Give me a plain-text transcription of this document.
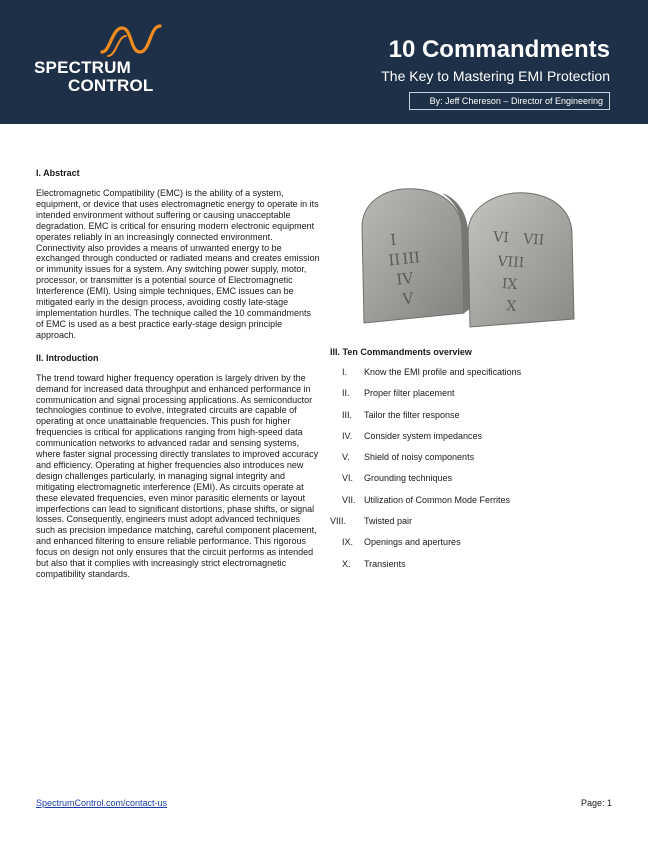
SPECTRUM
CONTROL
10 Commandments
The Key to Mastering EMI Protection
By: Jeff Chereson – Director of Engineering
I. Abstract

Electromagnetic Compatibility (EMC) is the ability of a system, equipment, or device that uses electromagnetic energy to operate in its intended environment without suffering or causing unacceptable degradation. EMC is critical for ensuring modern electronic equipment operates reliably in an increasingly connected environment. Connectivity also provides a means of unwanted energy to be exchanged through conducted or radiated means and creates emission or immunity issues for a system. Any switching power supply, motor, processor, or transmitter is a potential source of Electromagnetic Interference (EMI). Using simple techniques, EMC issues can be mitigated early in the design process, avoiding costly late-stage implementation hurdles. The technique called the 10 commandments of EMC is used as a best practice early-stage design principle approach.

II. Introduction

The trend toward higher frequency operation is largely driven by the demand for increased data throughput and enhanced performance in communication and signal processing applications. As semiconductor technologies continue to evolve, integrated circuits are capable of operating at once unattainable frequencies. This push for higher frequencies is critical for applications ranging from high-speed data communication networks to advanced radar and sensing systems, where faster signal processing directly translates to improved accuracy and efficiency. Operating at higher frequencies also introduces new design challenges particularly, in managing signal integrity and mitigating electromagnetic interference (EMI). As circuits operate at these elevated frequencies, even minor parasitic elements or layout imperfections can lead to significant distortions, phase shifts, or signal losses. Consequently, engineers must adopt advanced techniques such as precision impedance matching, careful component placement, and enhanced filtering to ensure reliable performance. This rigorous focus on design not only ensures that the circuit performs as intended but also that it complies with increasingly strict electromagnetic compatibility standards.

I
II III
IV
V
VI VII
VIII
IX
X
III. Ten Commandments overview
I.	Know the EMI profile and specifications
II.	Proper filter placement
III.	Tailor the filter response
IV.	Consider system impedances
V.	Shield of noisy components
VI.	Grounding techniques
VII. Utilization of Common Mode Ferrites
VIII.	Twisted pair
IX.	Openings and apertures
X.	Transients
SpectrumControl.com/contact-us	Page: 1
